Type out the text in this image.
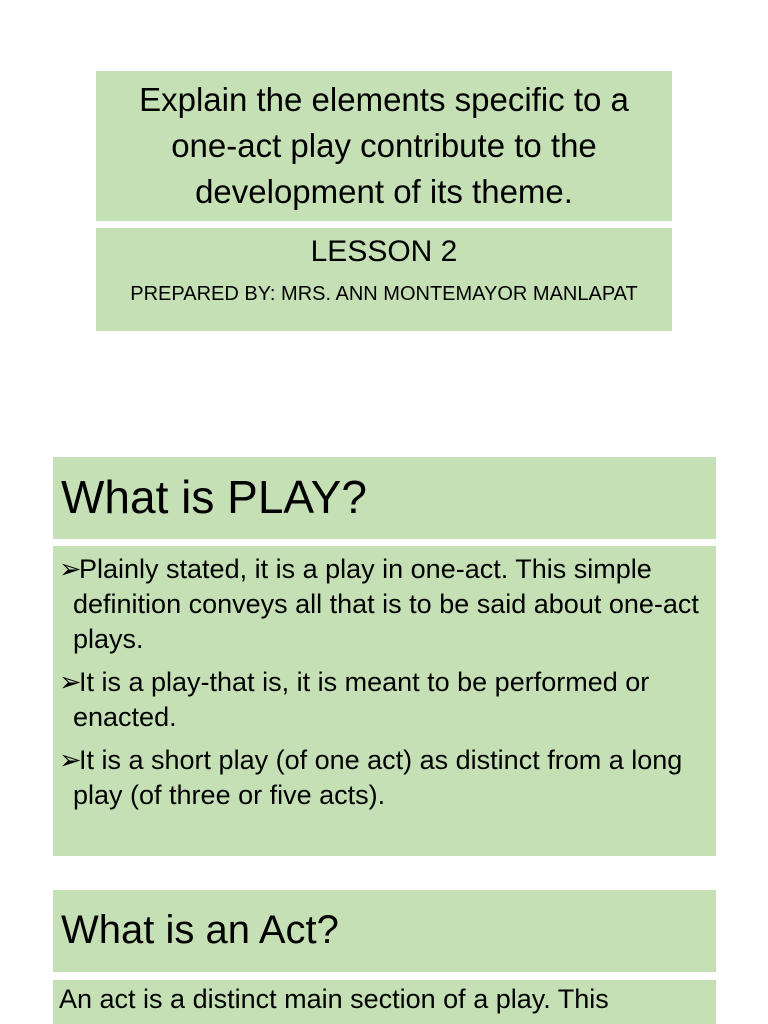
Explain the elements specific to a one-act play contribute to the development of its theme.
LESSON 2
PREPARED BY: MRS. ANN MONTEMAYOR MANLAPAT
What is PLAY?
➢Plainly stated, it is a play in one-act. This simple definition conveys all that is to be said about one-act plays.
➢It is a play-that is, it is meant to be performed or enacted.
➢It is a short play (of one act) as distinct from a long play (of three or five acts).
What is an Act?
An act is a distinct main section of a play. This
